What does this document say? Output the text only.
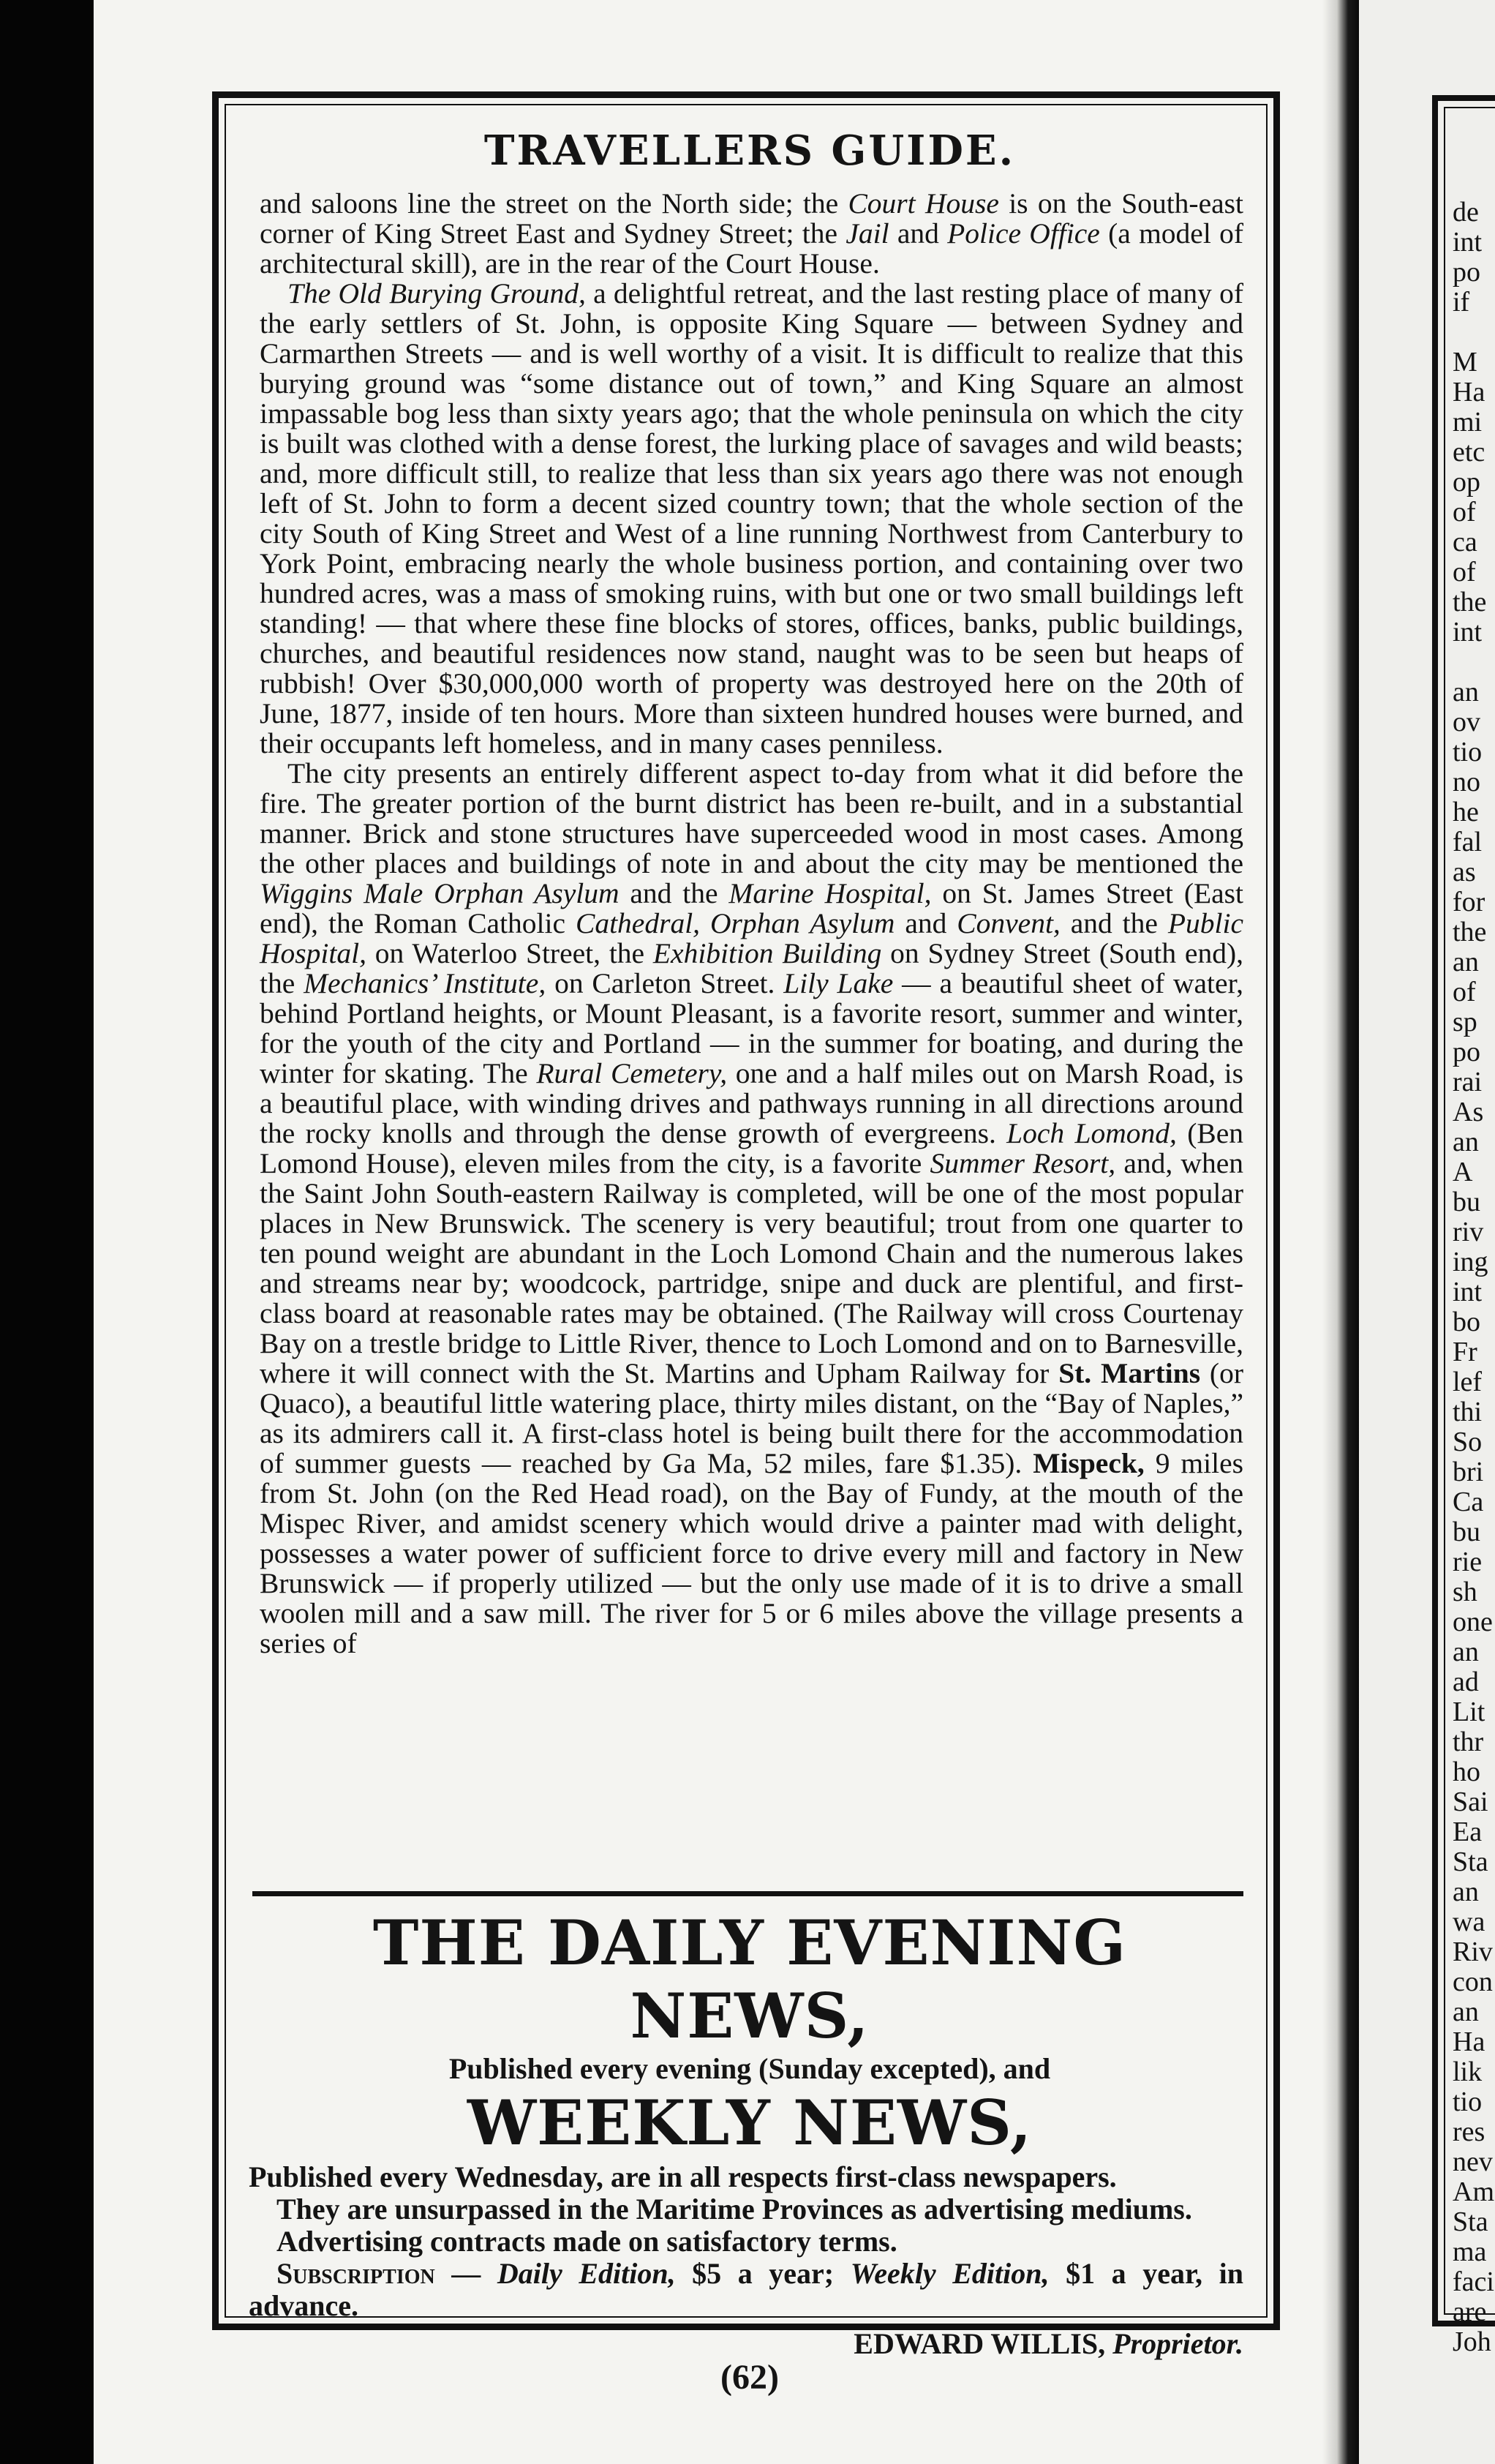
TRAVELLERS GUIDE.

and saloons line the street on the North side; the Court House is on the South-east corner of King Street East and Sydney Street; the Jail and Police Office (a model of architectural skill), are in the rear of the Court House.

The Old Burying Ground, a delightful retreat, and the last resting place of many of the early settlers of St. John, is opposite King Square — between Sydney and Carmarthen Streets — and is well worthy of a visit. It is difficult to realize that this burying ground was “some distance out of town,” and King Square an almost impassable bog less than sixty years ago; that the whole peninsula on which the city is built was clothed with a dense forest, the lurking place of savages and wild beasts; and, more difficult still, to realize that less than six years ago there was not enough left of St. John to form a decent sized country town; that the whole section of the city South of King Street and West of a line running Northwest from Canterbury to York Point, embracing nearly the whole business portion, and containing over two hundred acres, was a mass of smoking ruins, with but one or two small buildings left standing! — that where these fine blocks of stores, offices, banks, public buildings, churches, and beautiful residences now stand, naught was to be seen but heaps of rubbish! Over $30,000,000 worth of property was destroyed here on the 20th of June, 1877, inside of ten hours. More than sixteen hundred houses were burned, and their occupants left homeless, and in many cases penniless.

The city presents an entirely different aspect to-day from what it did before the fire. The greater portion of the burnt district has been re-built, and in a substantial manner. Brick and stone structures have superceeded wood in most cases. Among the other places and buildings of note in and about the city may be mentioned the Wiggins Male Orphan Asylum and the Marine Hospital, on St. James Street (East end), the Roman Catholic Cathedral, Orphan Asylum and Convent, and the Public Hospital, on Waterloo Street, the Exhibition Building on Sydney Street (South end), the Mechanics’ Institute, on Carleton Street. Lily Lake — a beautiful sheet of water, behind Portland heights, or Mount Pleasant, is a favorite resort, summer and winter, for the youth of the city and Portland — in the summer for boating, and during the winter for skating. The Rural Cemetery, one and a half miles out on Marsh Road, is a beautiful place, with winding drives and pathways running in all directions around the rocky knolls and through the dense growth of evergreens. Loch Lomond, (Ben Lomond House), eleven miles from the city, is a favorite Summer Resort, and, when the Saint John South-eastern Railway is completed, will be one of the most popular places in New Brunswick. The scenery is very beautiful; trout from one quarter to ten pound weight are abundant in the Loch Lomond Chain and the numerous lakes and streams near by; woodcock, partridge, snipe and duck are plentiful, and first-class board at reasonable rates may be obtained. (The Railway will cross Courtenay Bay on a trestle bridge to Little River, thence to Loch Lomond and on to Barnesville, where it will connect with the St. Martins and Upham Railway for St. Martins (or Quaco), a beautiful little watering place, thirty miles distant, on the “Bay of Naples,” as its admirers call it. A first-class hotel is being built there for the accommodation of summer guests — reached by Ga Ma, 52 miles, fare $1.35). Mispeck, 9 miles from St. John (on the Red Head road), on the Bay of Fundy, at the mouth of the Mispec River, and amidst scenery which would drive a painter mad with delight, possesses a water power of sufficient force to drive every mill and factory in New Brunswick — if properly utilized — but the only use made of it is to drive a small woolen mill and a saw mill. The river for 5 or 6 miles above the village presents a series of

THE DAILY EVENING NEWS,
Published every evening (Sunday excepted), and
WEEKLY NEWS,

Published every Wednesday, are in all respects first-class newspapers.

They are unsurpassed in the Maritime Provinces as advertising mediums.

Advertising contracts made on satisfactory terms.

Subscription — Daily Edition, $5 a year; Weekly Edition, $1 a year, in advance.

EDWARD WILLIS, Proprietor.
(62)
de
int
po
if
M
Ha
mi
etc
op
of
ca
of
the
int
an
ov
tio
no
he
fal
as
for
the
an
of
sp
po
rai
As
an
A
bu
riv
ing
int
bo
Fr
lef
thi
So
bri
Ca
bu
rie
sh
one
an
ad
Lit
thr
ho
Sai
Ea
Sta
an
wa
Riv
con
an
Ha
lik
tio
res
nev
Am
Sta
ma
faci
are
Joh
